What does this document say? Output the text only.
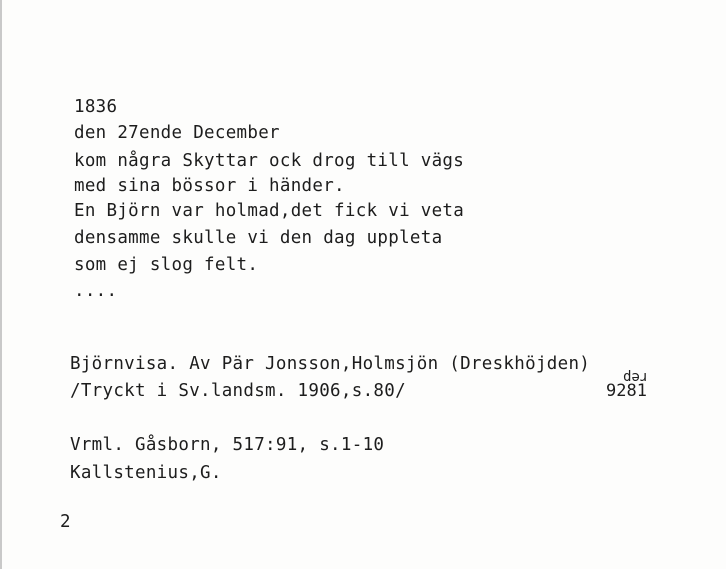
1836

den 27ende December

kom några Skyttar ock drog till vägs

med sina bössor i händer.

En Björn var holmad,det fick vi veta

densamme skulle vi den dag uppleta

som ej slog felt.

....

Björnvisa. Av Pär Jonsson,Holmsjön (Dreskhöjden)

/Tryckt i Sv.landsm. 1906,s.80/

rep
9281

Vrml. Gåsborn, 517:91, s.1-10

Kallstenius,G.

2
